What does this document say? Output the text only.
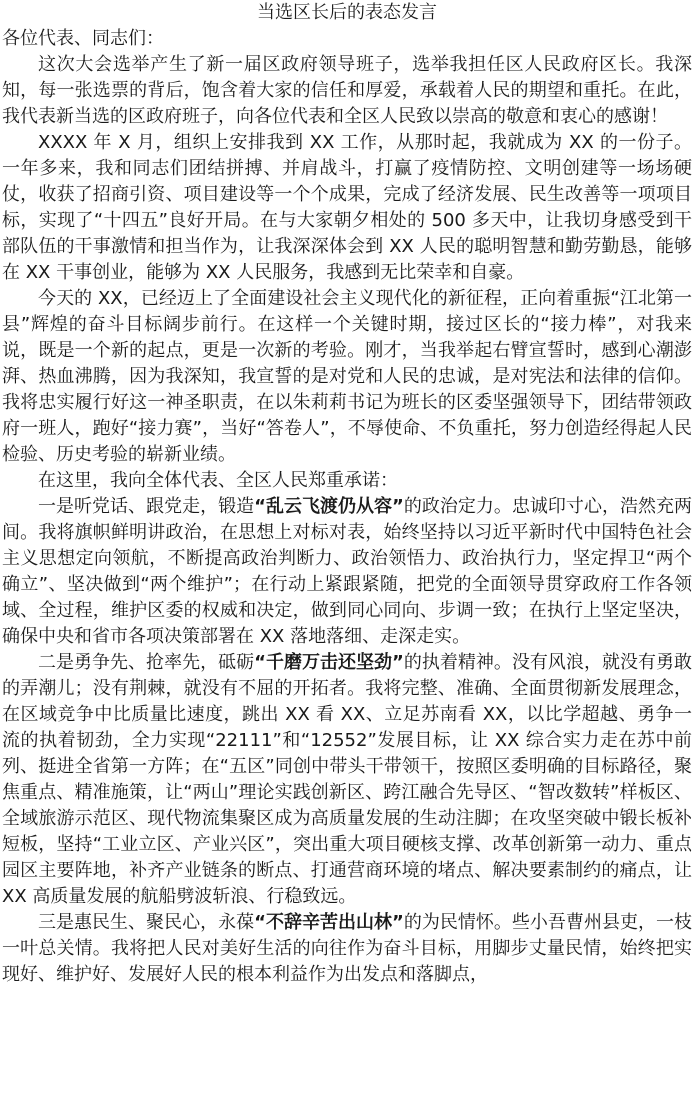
当选区长后的表态发言

各位代表、同志们：

这次大会选举产生了新一届区政府领导班子，选举我担任区人民政府区长。我深知，每一张选票的背后，饱含着大家的信任和厚爱，承载着人民的期望和重托。在此，我代表新当选的区政府班子，向各位代表和全区人民致以崇高的敬意和衷心的感谢！

XXXX 年 X 月，组织上安排我到 XX 工作，从那时起，我就成为 XX 的一份子。一年多来，我和同志们团结拼搏、并肩战斗，打赢了疫情防控、文明创建等一场场硬仗，收获了招商引资、项目建设等一个个成果，完成了经济发展、民生改善等一项项目标，实现了“十四五”良好开局。在与大家朝夕相处的 500 多天中，让我切身感受到干部队伍的干事激情和担当作为，让我深深体会到 XX 人民的聪明智慧和勤劳勤恳，能够在 XX 干事创业，能够为 XX 人民服务，我感到无比荣幸和自豪。

今天的 XX，已经迈上了全面建设社会主义现代化的新征程，正向着重振“江北第一县”辉煌的奋斗目标阔步前行。在这样一个关键时期，接过区长的“接力棒”，对我来说，既是一个新的起点，更是一次新的考验。刚才，当我举起右臂宣誓时，感到心潮澎湃、热血沸腾，因为我深知，我宣誓的是对党和人民的忠诚，是对宪法和法律的信仰。我将忠实履行好这一神圣职责，在以朱莉莉书记为班长的区委坚强领导下，团结带领政府一班人，跑好“接力赛”，当好“答卷人”，不辱使命、不负重托，努力创造经得起人民检验、历史考验的崭新业绩。

在这里，我向全体代表、全区人民郑重承诺：

一是听党话、跟党走，锻造“乱云飞渡仍从容”的政治定力。忠诚印寸心，浩然充两间。我将旗帜鲜明讲政治，在思想上对标对表，始终坚持以习近平新时代中国特色社会主义思想定向领航，不断提高政治判断力、政治领悟力、政治执行力，坚定捍卫“两个确立”、坚决做到“两个维护”；在行动上紧跟紧随，把党的全面领导贯穿政府工作各领域、全过程，维护区委的权威和决定，做到同心同向、步调一致；在执行上坚定坚决，确保中央和省市各项决策部署在 XX 落地落细、走深走实。

二是勇争先、抢率先，砥砺“千磨万击还坚劲”的执着精神。没有风浪，就没有勇敢的弄潮儿；没有荆棘，就没有不屈的开拓者。我将完整、准确、全面贯彻新发展理念，在区域竞争中比质量比速度，跳出 XX 看 XX、立足苏南看 XX，以比学超越、勇争一流的执着韧劲，全力实现“22111”和“12552”发展目标，让 XX 综合实力走在苏中前列、挺进全省第一方阵；在“五区”同创中带头干带领干，按照区委明确的目标路径，聚焦重点、精准施策，让“两山”理论实践创新区、跨江融合先导区、“智改数转”样板区、全域旅游示范区、现代物流集聚区成为高质量发展的生动注脚；在攻坚突破中锻长板补短板，坚持“工业立区、产业兴区”，突出重大项目硬核支撑、改革创新第一动力、重点园区主要阵地，补齐产业链条的断点、打通营商环境的堵点、解决要素制约的痛点，让 XX 高质量发展的航船劈波斩浪、行稳致远。

三是惠民生、聚民心，永葆“不辞辛苦出山林”的为民情怀。些小吾曹州县吏，一枝一叶总关情。我将把人民对美好生活的向往作为奋斗目标，用脚步丈量民情，始终把实现好、维护好、发展好人民的根本利益作为出发点和落脚点，
